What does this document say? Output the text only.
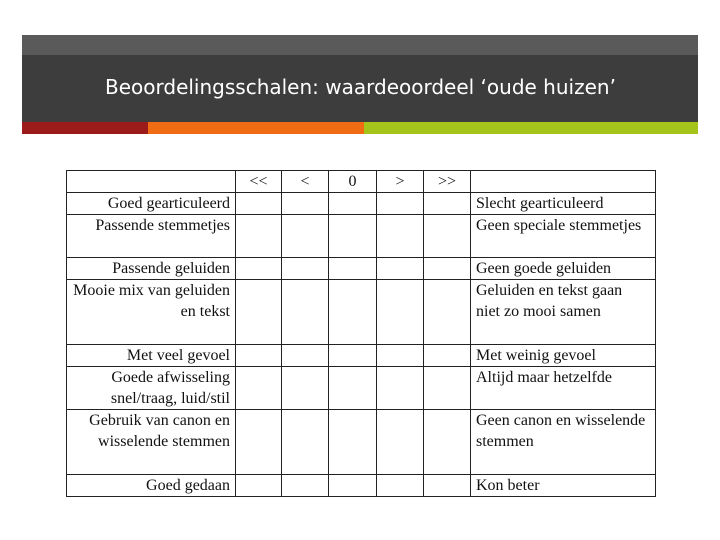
Beoordelingsschalen: waardeoordeel ‘oude huizen’
	<<	<	0	>	>>	
Goed gearticuleerd						Slecht gearticuleerd
Passende stemmetjes						Geen speciale stemmetjes
Passende geluiden						Geen goede geluiden
Mooie mix van geluiden en tekst						Geluiden en tekst gaan niet zo mooi samen
Met veel gevoel						Met weinig gevoel
Goede afwisseling snel/traag, luid/stil						Altijd maar hetzelfde
Gebruik van canon en wisselende stemmen						Geen canon en wisselende stemmen
Goed gedaan						Kon beter
